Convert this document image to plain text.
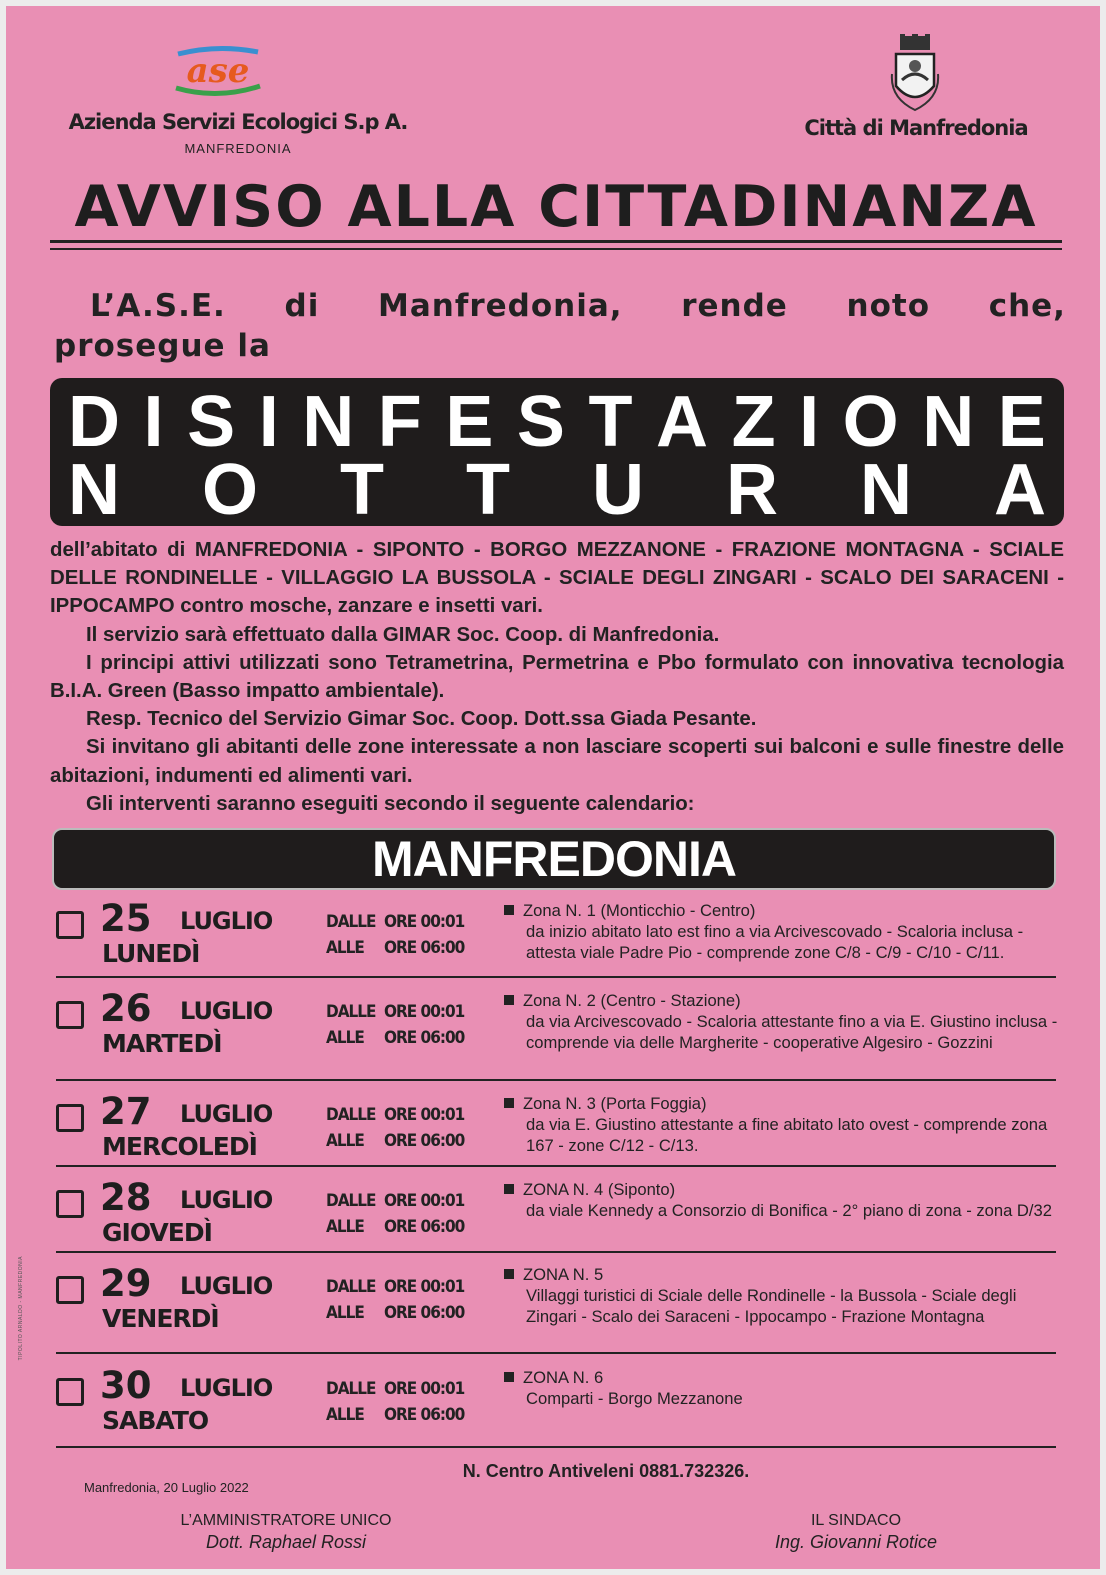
ase
Azienda Servizi Ecologici S.p A.
MANFREDONIA
Città di Manfredonia
AVVISO ALLA CITTADINANZA
L’A.S.E. di Manfredonia, rende noto che,
prosegue la
D I S I N F E S T A Z I O N E
N O T T U R N A

dell’abitato di MANFREDONIA - SIPONTO - BORGO MEZZANONE - FRAZIONE MONTAGNA - SCIALE DELLE RONDINELLE - VILLAGGIO LA BUSSOLA - SCIALE DEGLI ZINGARI - SCALO DEI SARACENI - IPPOCAMPO contro mosche, zanzare e insetti vari.

Il servizio sarà effettuato dalla GIMAR Soc. Coop. di Manfredonia.

I principi attivi utilizzati sono Tetrametrina, Permetrina e Pbo formulato con innovativa tecnologia B.I.A. Green (Basso impatto ambientale).

Resp. Tecnico del Servizio Gimar Soc. Coop. Dott.ssa Giada Pesante.

Si invitano gli abitanti delle zone interessate a non lasciare scoperti sui balconi e sulle finestre delle abitazioni, indumenti ed alimenti vari.

Gli interventi saranno eseguiti secondo il seguente calendario:

MANFREDONIA
N. Centro Antiveleni 0881.732326.
Manfredonia, 20 Luglio 2022
L’AMMINISTRATORE UNICO
Dott. Raphael Rossi
IL SINDACO
Ing. Giovanni Rotice
TIPOLITO ARNALDO - MANFREDONIA
25 LUGLIO
LUNEDÌ
DALLE ORE 00:01
ALLE ORE 06:00
Zona N. 1 (Monticchio - Centro)
da inizio abitato lato est fino a via Arcivescovado - Scaloria inclusa - attesta viale Padre Pio - comprende zone C/8 - C/9 - C/10 - C/11.
26 LUGLIO
MARTEDÌ
DALLE ORE 00:01
ALLE ORE 06:00
Zona N. 2 (Centro - Stazione)
da via Arcivescovado - Scaloria attestante fino a via E. Giustino inclusa - comprende via delle Margherite - cooperative Algesiro - Gozzini
27 LUGLIO
MERCOLEDÌ
DALLE ORE 00:01
ALLE ORE 06:00
Zona N. 3 (Porta Foggia)
da via E. Giustino attestante a fine abitato lato ovest - comprende zona 167 - zone C/12 - C/13.
28 LUGLIO
GIOVEDÌ
DALLE ORE 00:01
ALLE ORE 06:00
ZONA N. 4 (Siponto)
da viale Kennedy a Consorzio di Bonifica - 2° piano di zona - zona D/32
29 LUGLIO
VENERDÌ
DALLE ORE 00:01
ALLE ORE 06:00
ZONA N. 5
Villaggi turistici di Sciale delle Rondinelle - la Bussola - Sciale degli Zingari - Scalo dei Saraceni - Ippocampo - Frazione Montagna
30 LUGLIO
SABATO
DALLE ORE 00:01
ALLE ORE 06:00
ZONA N. 6
Comparti - Borgo Mezzanone
